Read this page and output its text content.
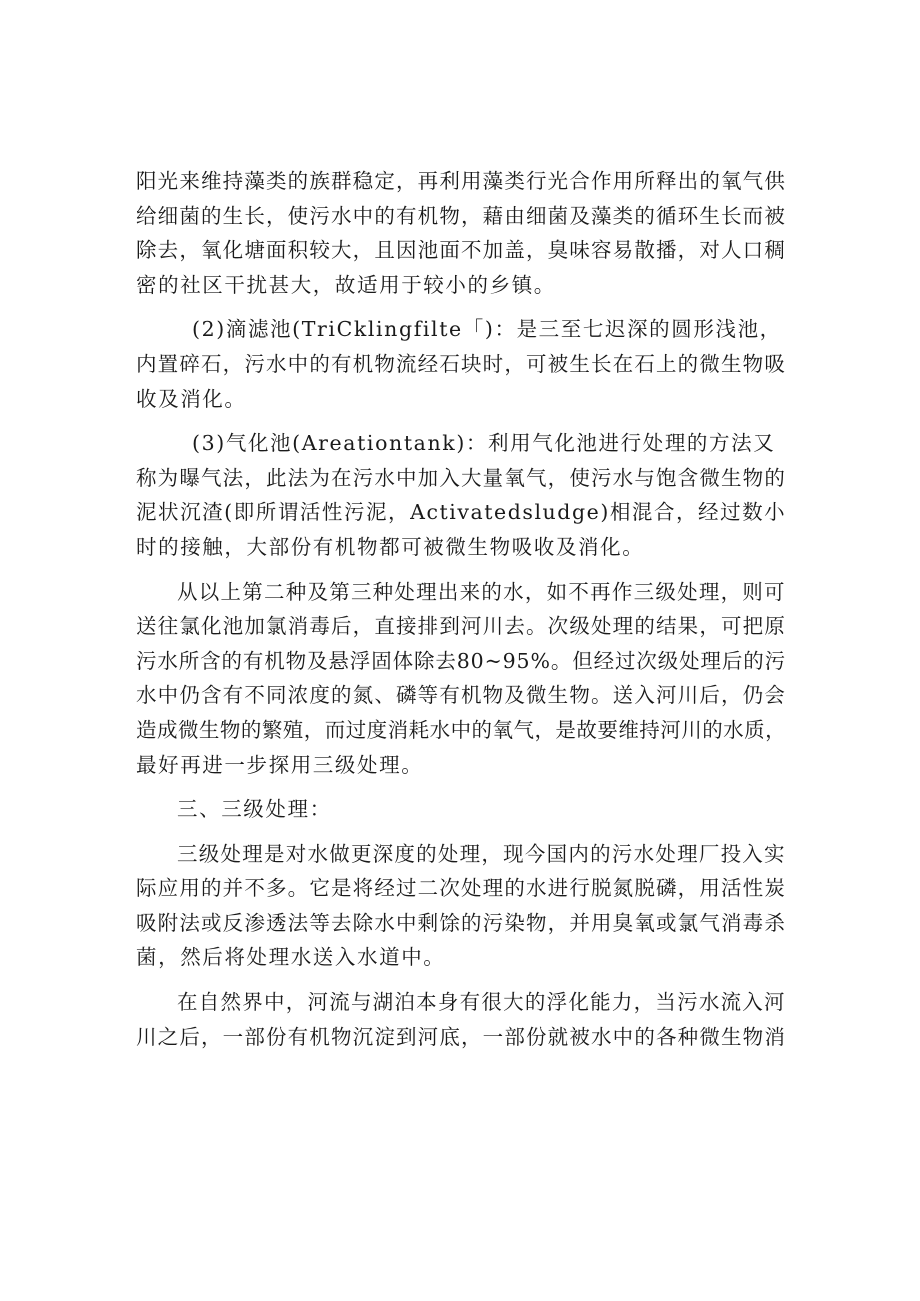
阳光来维持藻类的族群稳定，再利用藻类行光合作用所释出的氧气供
给细菌的生长，使污水中的有机物，藉由细菌及藻类的循环生长而被
除去，氧化塘面积较大，且因池面不加盖，臭味容易散播，对人口稠
密的社区干扰甚大，故适用于较小的乡镇。

(2)滴滤池(TriCklingfilte「)：是三至七迟深的圆形浅池，
内置碎石，污水中的有机物流经石块时，可被生长在石上的微生物吸
收及消化。

(3)气化池(Areationtank)：利用气化池进行处理的方法又
称为曝气法，此法为在污水中加入大量氧气，使污水与饱含微生物的
泥状沉渣(即所谓活性污泥，Activatedsludge)相混合，经过数小
时的接触，大部份有机物都可被微生物吸收及消化。

从以上第二种及第三种处理出来的水，如不再作三级处理，则可
送往氯化池加氯消毒后，直接排到河川去。次级处理的结果，可把原
污水所含的有机物及悬浮固体除去80~95%。但经过次级处理后的污
水中仍含有不同浓度的氮、磷等有机物及微生物。送入河川后，仍会
造成微生物的繁殖，而过度消耗水中的氧气，是故要维持河川的水质，
最好再进一步探用三级处理。

三、三级处理：

三级处理是对水做更深度的处理，现今国内的污水处理厂投入实
际应用的并不多。它是将经过二次处理的水进行脱氮脱磷，用活性炭
吸附法或反渗透法等去除水中剩馀的污染物，并用臭氧或氯气消毒杀
菌，然后将处理水送入水道中。

在自然界中，河流与湖泊本身有很大的浮化能力，当污水流入河
川之后，一部份有机物沉淀到河底，一部份就被水中的各种微生物消
